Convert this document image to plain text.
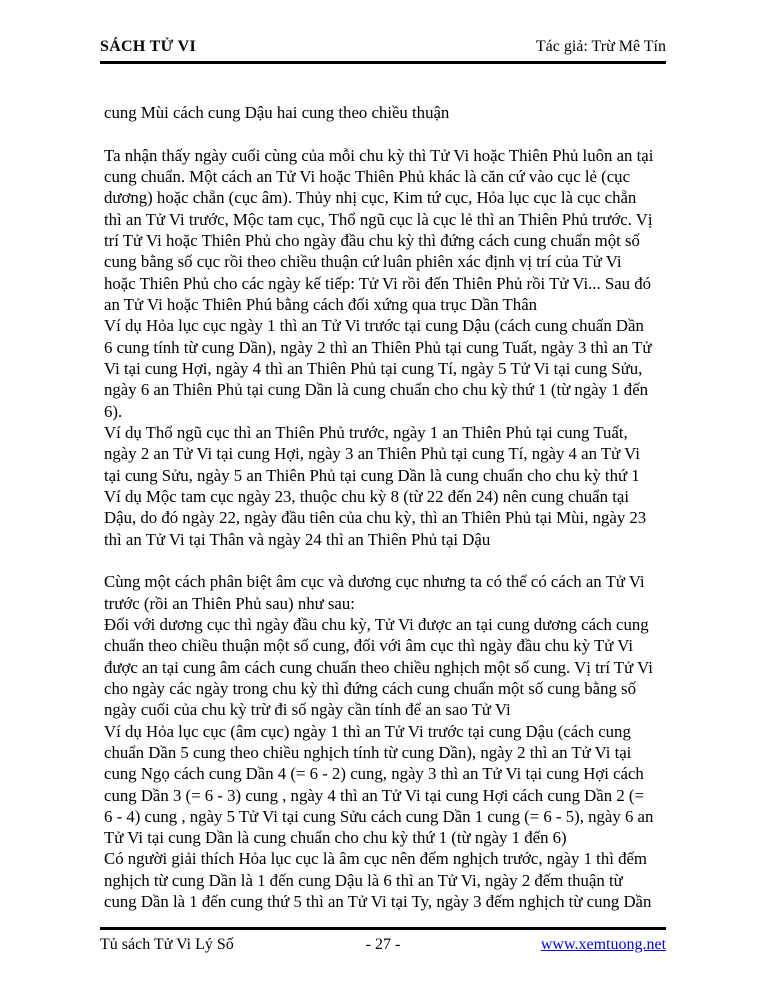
SÁCH TỬ VI	Tác giả: Trừ Mê Tín
cung Mùi cách cung Dậu hai cung theo chiều thuận

Ta nhận thấy ngày cuối cùng của mỗi chu kỳ thì Tử Vi hoặc Thiên Phủ luôn an tại
cung chuẩn. Một cách an Tử Vi hoặc Thiên Phủ khác là căn cứ vào cục lẻ (cục
dương) hoặc chẵn (cục âm). Thủy nhị cục, Kim tứ cục, Hỏa lục cục là cục chẵn
thì an Tử Vi trước, Mộc tam cục, Thổ ngũ cục là cục lẻ thì an Thiên Phủ trước. Vị
trí Tử Vi hoặc Thiên Phủ cho ngày đầu chu kỳ thì đứng cách cung chuẩn một số
cung bằng số cục rồi theo chiều thuận cứ luân phiên xác định vị trí của Tử Vi
hoặc Thiên Phủ cho các ngày kế tiếp: Tử Vi rồi đến Thiên Phủ rồi Tử Vi... Sau đó
an Tử Vi hoặc Thiên Phú bằng cách đối xứng qua trục Dần Thân
Ví dụ Hỏa lục cục ngày 1 thì an Tử Vi trước tại cung Dậu (cách cung chuẩn Dần
6 cung tính từ cung Dần), ngày 2 thì an Thiên Phủ tại cung Tuất, ngày 3 thì an Tử
Vi tại cung Hợi, ngày 4 thì an Thiên Phủ tại cung Tí, ngày 5 Tử Vi tại cung Sửu,
ngày 6 an Thiên Phủ tại cung Dần là cung chuẩn cho chu kỳ thứ 1 (từ ngày 1 đến
6).
Ví dụ Thổ ngũ cục thì an Thiên Phủ trước, ngày 1 an Thiên Phủ tại cung Tuất,
ngày 2 an Tử Vi tại cung Hợi, ngày 3 an Thiên Phủ tại cung Tí, ngày 4 an Tử Vi
tại cung Sửu, ngày 5 an Thiên Phủ tại cung Dần là cung chuẩn cho chu kỳ thứ 1
Ví dụ Mộc tam cục ngày 23, thuộc chu kỳ 8 (từ 22 đến 24) nên cung chuẩn tại
Dậu, do đó ngày 22, ngày đầu tiên của chu kỳ, thì an Thiên Phủ tại Mùi, ngày 23
thì an Tử Vi tại Thân và ngày 24 thì an Thiên Phủ tại Dậu

Cùng một cách phân biệt âm cục và dương cục nhưng ta có thể có cách an Tử Vi
trước (rồi an Thiên Phủ sau) như sau:
Đối với dương cục thì ngày đầu chu kỳ, Tử Vi được an tại cung dương cách cung
chuẩn theo chiều thuận một số cung, đối với âm cục thì ngày đầu chu kỳ Tử Vi
được an tại cung âm cách cung chuẩn theo chiều nghịch một số cung. Vị trí Tử Vi
cho ngày các ngày trong chu kỳ thì đứng cách cung chuẩn một số cung bằng số
ngày cuối của chu kỳ trừ đi số ngày cần tính để an sao Tử Vi
Ví dụ Hỏa lục cục (âm cục) ngày 1 thì an Tử Vi trước tại cung Dậu (cách cung
chuẩn Dần 5 cung theo chiều nghịch tính từ cung Dần), ngày 2 thì an Tử Vi tại
cung Ngọ cách cung Dần 4 (= 6 - 2) cung, ngày 3 thì an Tử Vi tại cung Hợi cách
cung Dần 3 (= 6 - 3) cung , ngày 4 thì an Tử Vi tại cung Hợi cách cung Dần 2 (=
6 - 4) cung , ngày 5 Tử Vi tại cung Sửu cách cung Dần 1 cung (= 6 - 5), ngày 6 an
Tử Vi tại cung Dần là cung chuẩn cho chu kỳ thứ 1 (từ ngày 1 đến 6)
Có người giải thích Hỏa lục cục là âm cục nên đếm nghịch trước, ngày 1 thì đếm
nghịch từ cung Dần là 1 đến cung Dậu là 6 thì an Tử Vi, ngày 2 đếm thuận từ
cung Dần là 1 đến cung thứ 5 thì an Tử Vi tại Ty, ngày 3 đếm nghịch từ cung Dần
Tủ sách Tử Vi Lý Số	- 27 -	www.xemtuong.net
